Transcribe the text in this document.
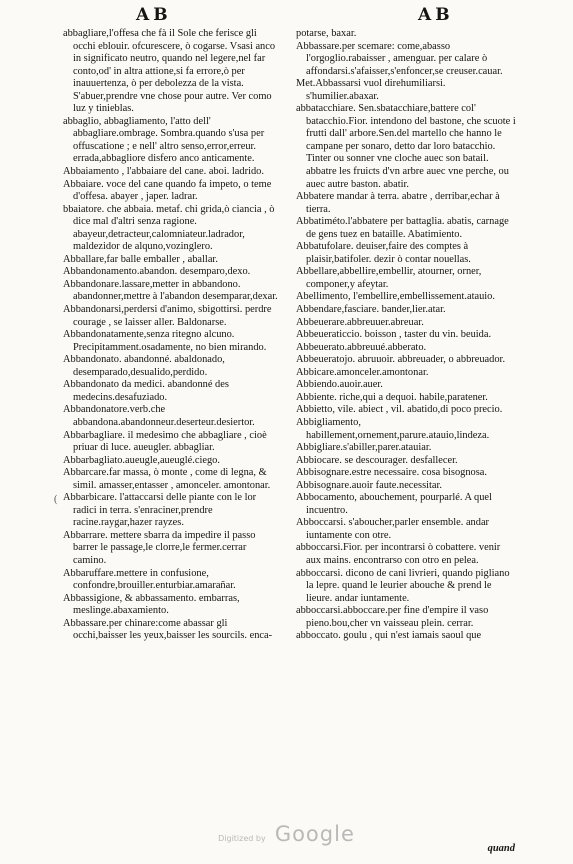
AB	AB
abbagliare,l'offesa che fà il Sole che ferisce gli occhi eblouir. ofcurescere, ò cogarse. Vsasi anco in significato neutro, quando nel legere,nel far conto,od' in altra attione,si fa errore,ò per inauuertenza, ò per debolezza de la vista. S'abuer,prendre vne chose pour autre. Ver como luz y tinieblas.
abbaglio, abbagliamento, l'atto dell' abbagliare.ombrage. Sombra.quando s'usa per offuscatione ; e nell' altro senso,error,erreur. errada,abbagliore disfero anco anticamente.
Abbaiamento , l'abbaiare del cane. aboi. ladrido.
Abbaiare. voce del cane quando fa impeto, o teme d'offesa. abayer , japer. ladrar.
bbaiatore. che abbaia. metaf. chi grida,ò ciancia , ò dice mal d'altri senza ragione. abayeur,detracteur,calomniateur.ladrador, maldezidor de alquno,vozinglero.
Abballare,far balle emballer , aballar.
Abbandonamento.abandon. desemparo,dexo.
Abbandonare.lassare,metter in abbandono. abandonner,mettre à l'abandon desemparar,dexar.
Abbandonarsi,perdersi d'animo, sbigottirsi. perdre courage , se laisser aller. Baldonarse.
Abbandonatamente,senza ritegno alcuno. Precipitamment.osadamente, no bien mirando.
Abbandonato. abandonné. abaldonado, desemparado,desualido,perdido.
Abbandonato da medici. abandonné des medecins.desafuziado.
Abbandonatore.verb.che abbandona.abandonneur.deserteur.desiertor.
Abbarbagliare. il medesimo che abbagliare , cioè priuar di luce. aueugler. abbagliar.
Abbarbagliato.aueugle,aueuglé.ciego.
Abbarcare.far massa, ò monte , come di legna, & simil. amasser,entasser , amonceler. amontonar.
Abbarbicare. l'attaccarsi delle piante con le lor radici in terra. s'enraciner,prendre racine.raygar,hazer rayzes.
Abbarrare. mettere sbarra da impedire il passo barrer le passage,le clorre,le fermer.cerrar camino.
Abbaruffare.mettere in confusione, confondre,brouiller.enturbiar.amarañar.
Abbassigione, & abbassamento. embarras, meslinge.abaxamiento.
Abbassare.per chinare:come abassar gli occhi,baisser les yeux,baisser les sourcils. enca-
potarse, baxar.
Abbassare.per scemare: come,abasso l'orgoglio.rabaisser , amenguar. per calare ò affondarsi.s'afaisser,s'enfoncer,se creuser.cauar.
Met.Abbassarsi vuol direhumiliarsi. s'humilier.abaxar.
abbatacchiare. Sen.sbatacchiare,battere col' batacchio.Fior. intendono del bastone, che scuote i frutti dall' arbore.Sen.del martello che hanno le campane per sonaro, detto dar loro batacchio. Tinter ou sonner vne cloche auec son batail. abbatre les fruicts d'vn arbre auec vne perche, ou auec autre baston. abatir.
Abbatere mandar à terra. abatre , derribar,echar à tierra.
Abbatiméto.l'abbatere per battaglia. abatis, carnage de gens tuez en bataille. Abatimiento.
Abbatufolare. deuiser,faire des comptes à plaisir,batifoler. dezir ò contar nouellas.
Abbellare,abbellire,embellir, atourner, orner, componer,y afeytar.
Abellimento, l'embellire,embellissement.atauio.
Abbendare,fasciare. bander,lier.atar.
Abbeuerare.abbreuuer.abreuar.
Abbeueraticcio. boisson , taster du vin. beuida.
Abbeuerato.abbreuué.abberato.
Abbeueratojo. abruuoir. abbreuader, o abbreuador.
Abbicare.amonceler.amontonar.
Abbiendo.auoir.auer.
Abbiente. riche,qui a dequoi. habile,paratener.
Abbietto, vile. abiect , vil. abatido,di poco precio.
Abbigliamento, habillement,ornement,parure.atauio,lindeza.
Abbigliare.s'abiller,parer.atauiar.
Abbiocare. se descourager. desfallecer.
Abbisognare.estre necessaire. cosa bisognosa.
Abbisognare.auoir faute.necessitar.
Abbocamento, abouchement, pourparlé. A quel incuentro.
Abboccarsi. s'aboucher,parler ensemble. andar iuntamente con otre.
abboccarsi.Fior. per incontrarsi ò cobattere. venir aux mains. encontrarso con otro en pelea.
abboccarsi. dicono de cani livrieri, quando pigliano la lepre. quand le leurier abouche & prend le lieure. andar iuntamente.
abboccarsi.abboccare.per fine d'empire il vaso pieno.bou,cher vn vaisseau plein. cerrar.
abboccato. goulu , qui n'est iamais saoul que
(
quand
Digitized by Google
